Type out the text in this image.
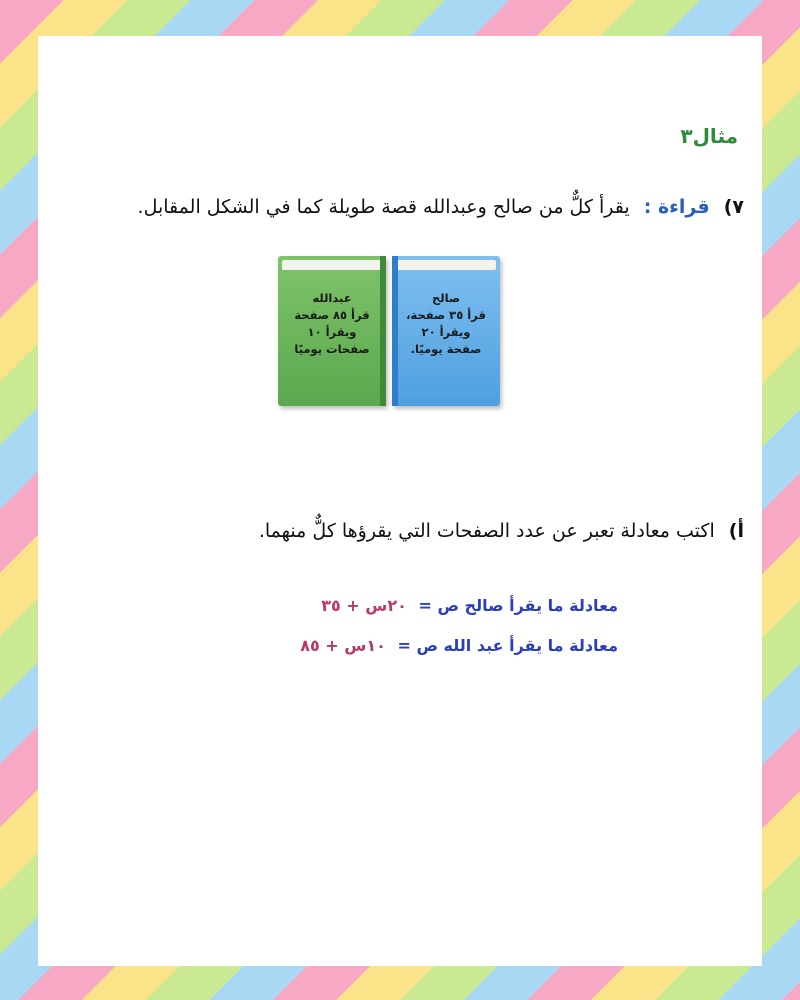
مثال٣
٧) قراءة : يقرأ كلٌّ من صالح وعبدالله قصة طويلة كما في الشكل المقابل.
عبدالله
قرأ ٨٥ صفحة
ويقرأ ١٠
صفحات يوميًا
صالح
قرأ ٣٥ صفحة،
ويقرأ ٢٠
صفحة يوميًا.
أ) اكتب معادلة تعبر عن عدد الصفحات التي يقرؤها كلٌّ منهما.
معادلة ما يقرأ صالح ص = ٢٠س + ٣٥
معادلة ما يقرأ عبد الله ص = ١٠س + ٨٥
